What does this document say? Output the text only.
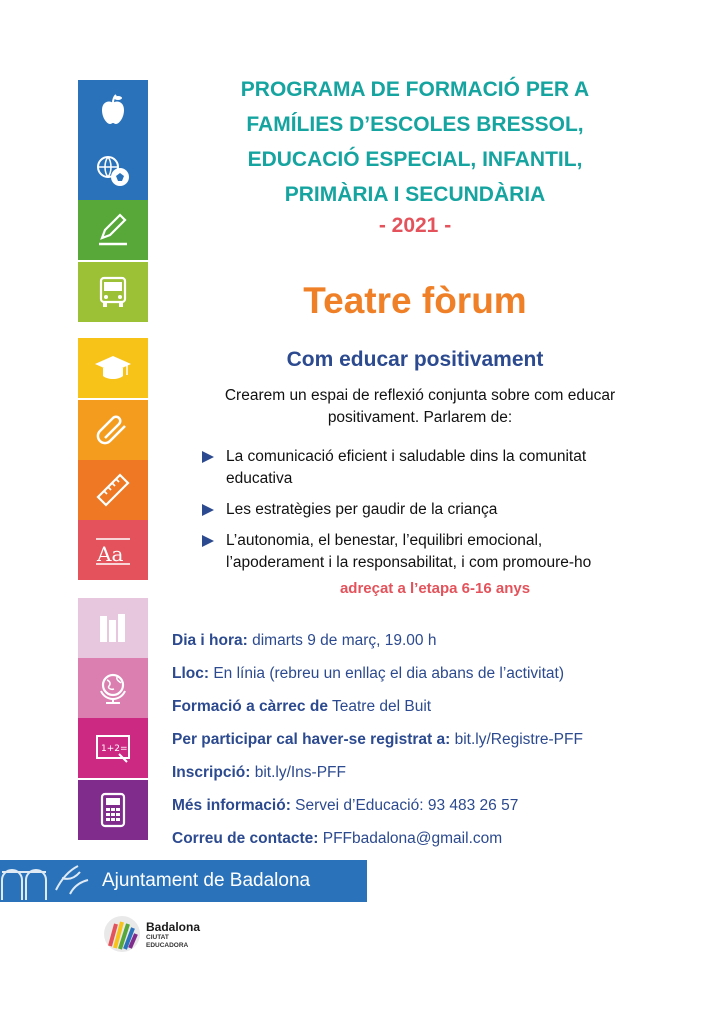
Aa
1+2=
PROGRAMA DE FORMACIÓ PER A
FAMÍLIES D’ESCOLES BRESSOL,
EDUCACIÓ ESPECIAL, INFANTIL,
PRIMÀRIA I SECUNDÀRIA
- 2021 -
Teatre fòrum
Com educar positivament
Crearem un espai de reflexió conjunta sobre com educar positivament. Parlarem de:
La comunicació eficient i saludable dins la comunitat educativa
Les estratègies per gaudir de la criança
L’autonomia, el benestar, l’equilibri emocional, l’apoderament i la responsabilitat, i com promoure-ho
adreçat a l’etapa 6-16 anys
Dia i hora: dimarts 9 de març, 19.00 h
Lloc: En línia (rebreu un enllaç el dia abans de l’activitat)
Formació a càrrec de Teatre del Buit
Per participar cal haver-se registrat a: bit.ly/Registre-PFF
Inscripció: bit.ly/Ins-PFF
Més informació: Servei d’Educació: 93 483 26 57
Correu de contacte: PFFbadalona@gmail.com
Ajuntament de Badalona
Badalona
CIUTAT EDUCADORA
